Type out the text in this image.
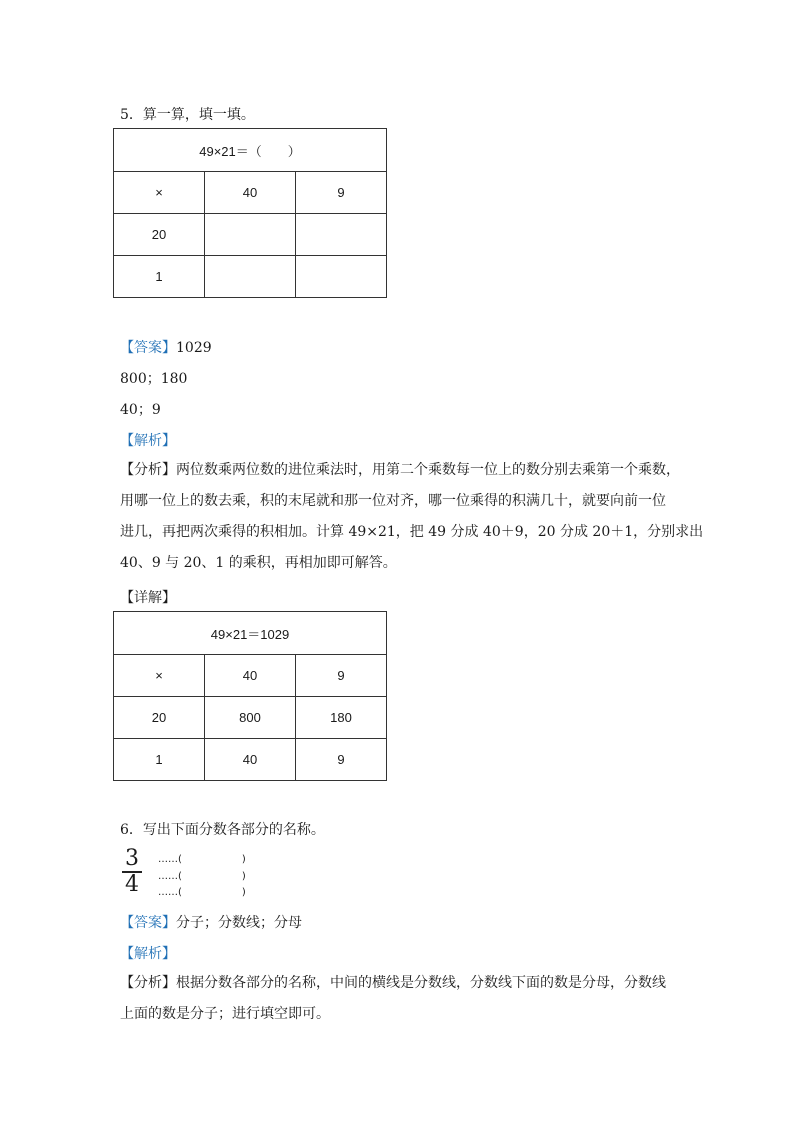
5．算一算，填一填。
49×21＝（　　）		
×	40	9
20		
1		
【答案】1029
800；180
40；9
【解析】
【分析】两位数乘两位数的进位乘法时，用第二个乘数每一位上的数分别去乘第一个乘数，
用哪一位上的数去乘，积的末尾就和那一位对齐，哪一位乘得的积满几十，就要向前一位
进几，再把两次乘得的积相加。计算 49×21，把 49 分成 40＋9，20 分成 20＋1，分别求出
40、9 与 20、1 的乘积，再相加即可解答。
【详解】
49×21＝1029		
×	40	9
20	800	180
1	40	9
6．写出下面分数各部分的名称。
3
4
……(　　　　　　)
……(　　　　　　)
……(　　　　　　)
【答案】分子；分数线；分母
【解析】
【分析】根据分数各部分的名称，中间的横线是分数线，分数线下面的数是分母，分数线
上面的数是分子；进行填空即可。
